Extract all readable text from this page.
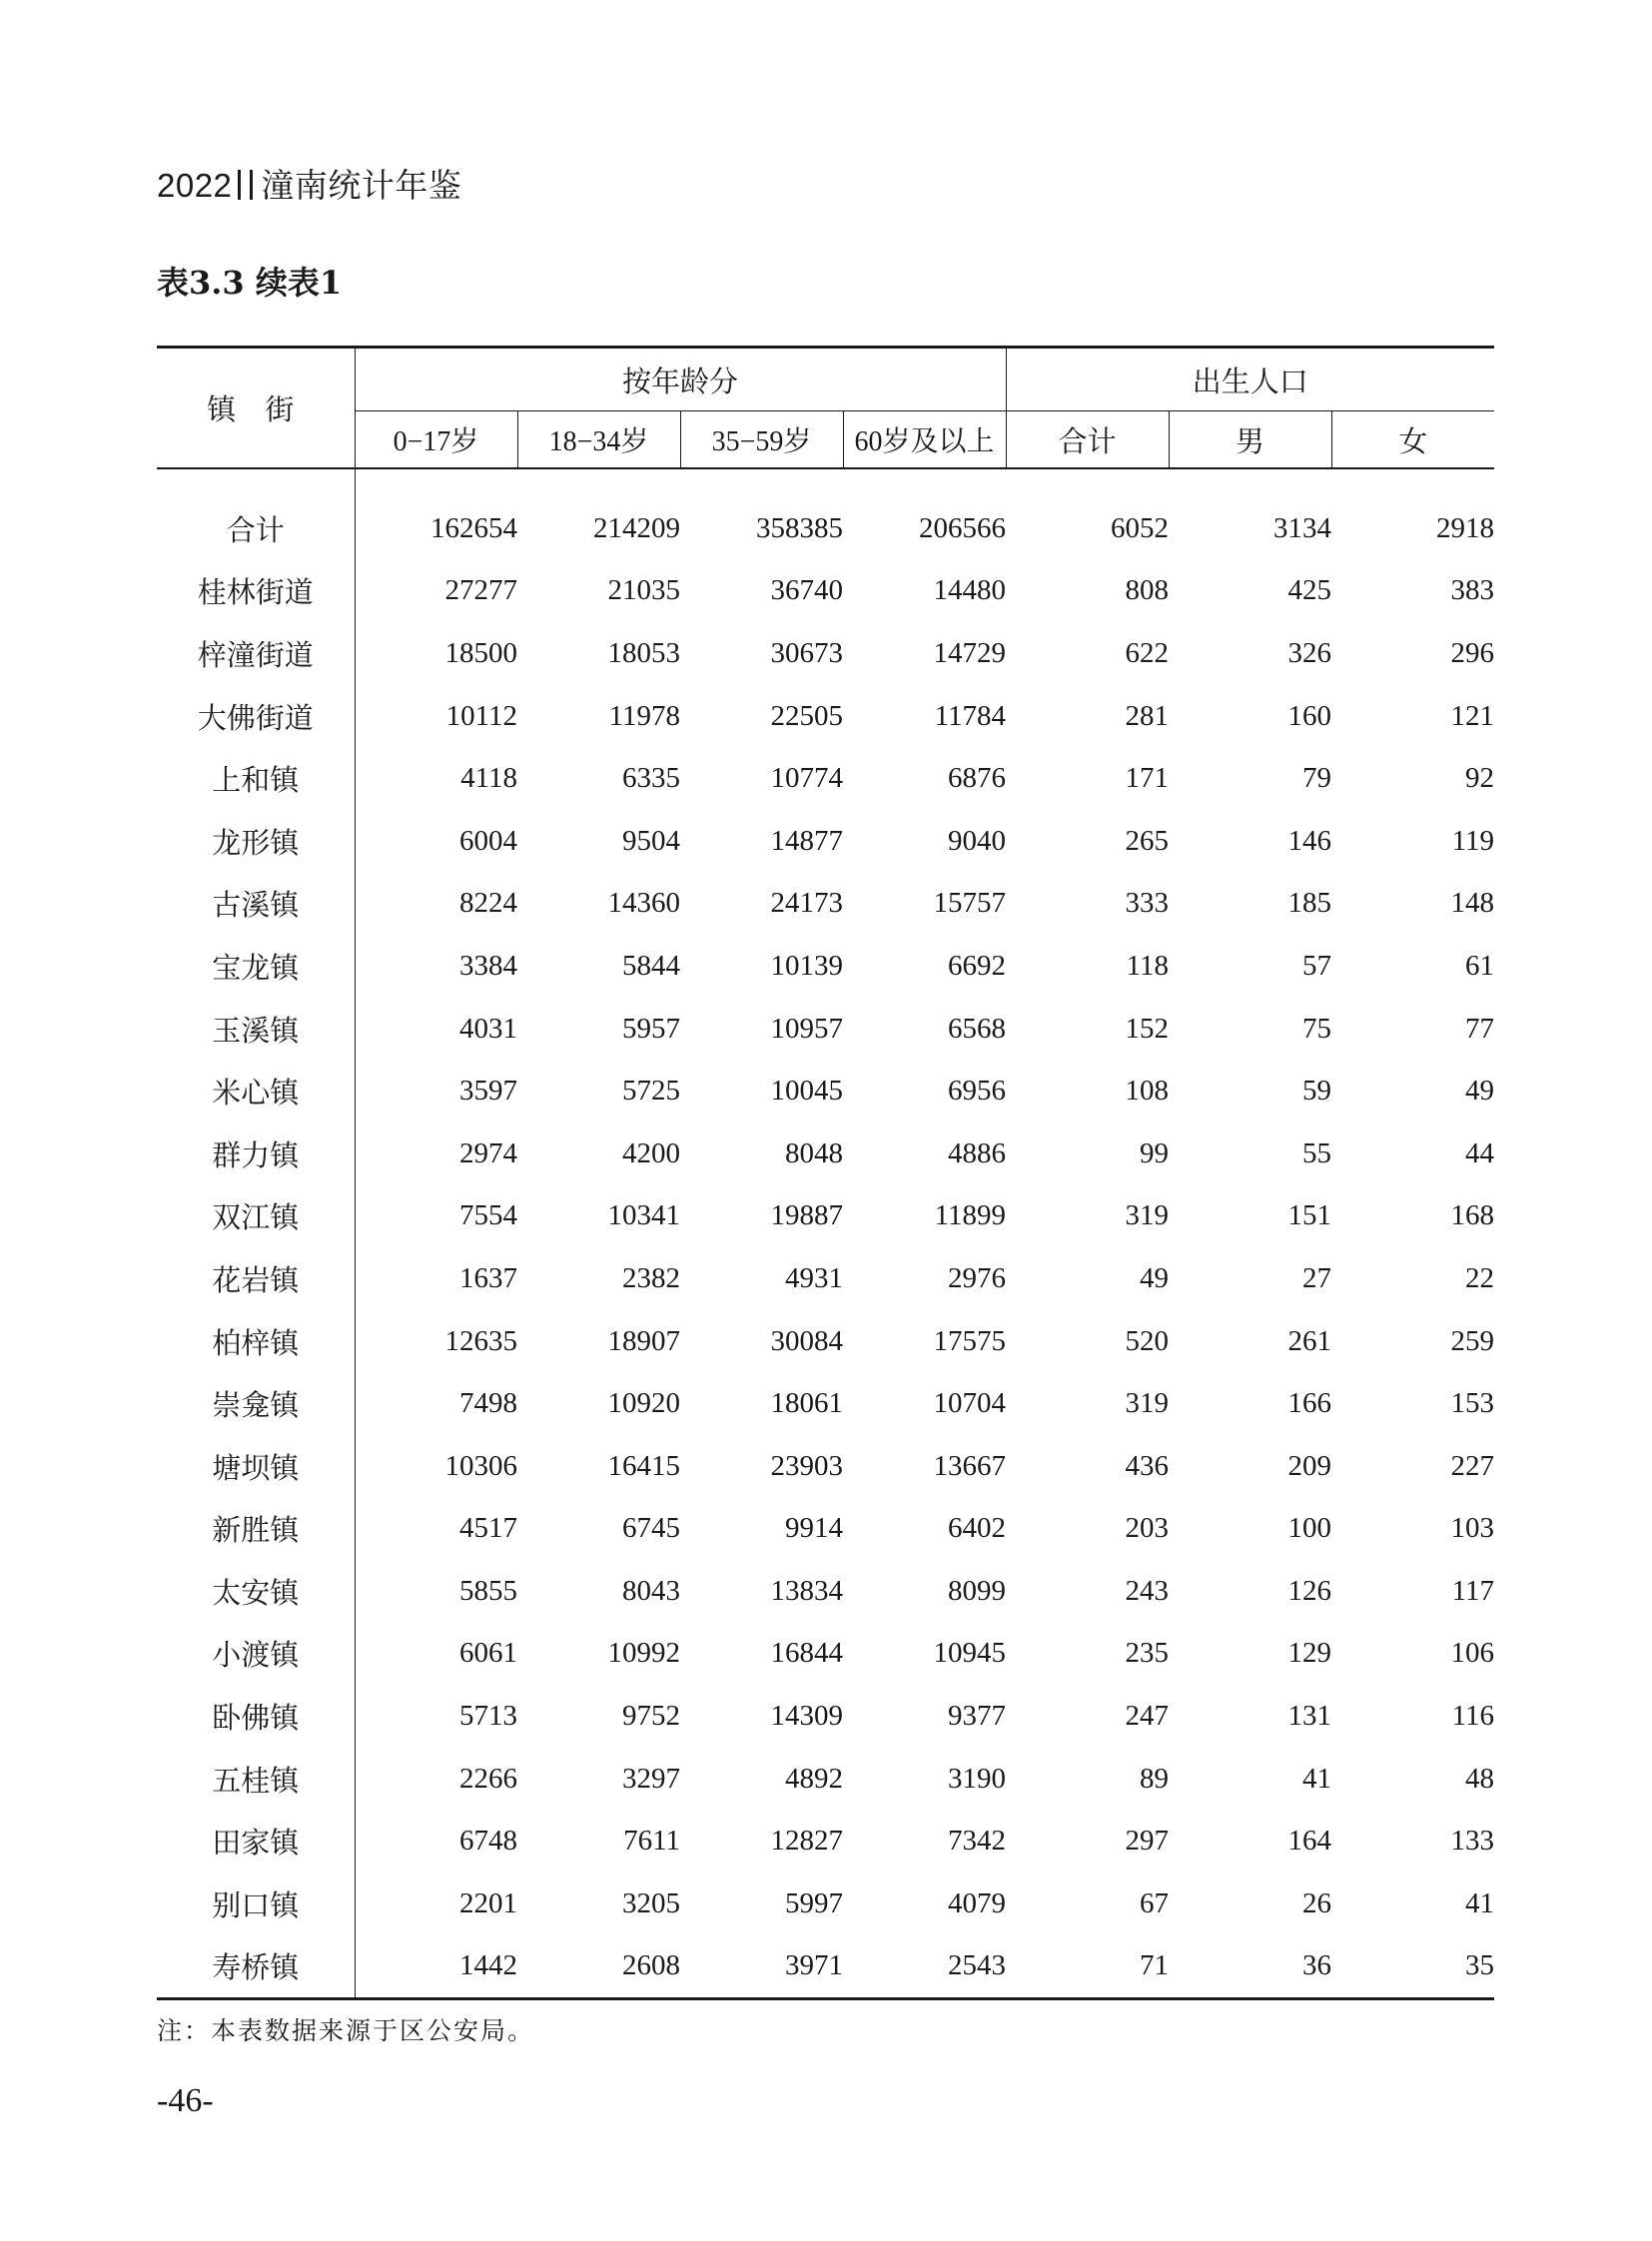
2022 潼南统计年鉴
表3.3 续表1
镇 街	按年龄分				出生人口		
	0−17岁	18−34岁	35−59岁	60岁及以上	合计	男	女
合计	162654	214209	358385	206566	6052	3134	2918
桂林街道	27277	21035	36740	14480	808	425	383
梓潼街道	18500	18053	30673	14729	622	326	296
大佛街道	10112	11978	22505	11784	281	160	121
上和镇	4118	6335	10774	6876	171	79	92
龙形镇	6004	9504	14877	9040	265	146	119
古溪镇	8224	14360	24173	15757	333	185	148
宝龙镇	3384	5844	10139	6692	118	57	61
玉溪镇	4031	5957	10957	6568	152	75	77
米心镇	3597	5725	10045	6956	108	59	49
群力镇	2974	4200	8048	4886	99	55	44
双江镇	7554	10341	19887	11899	319	151	168
花岩镇	1637	2382	4931	2976	49	27	22
柏梓镇	12635	18907	30084	17575	520	261	259
崇龛镇	7498	10920	18061	10704	319	166	153
塘坝镇	10306	16415	23903	13667	436	209	227
新胜镇	4517	6745	9914	6402	203	100	103
太安镇	5855	8043	13834	8099	243	126	117
小渡镇	6061	10992	16844	10945	235	129	106
卧佛镇	5713	9752	14309	9377	247	131	116
五桂镇	2266	3297	4892	3190	89	41	48
田家镇	6748	7611	12827	7342	297	164	133
别口镇	2201	3205	5997	4079	67	26	41
寿桥镇	1442	2608	3971	2543	71	36	35
注：本表数据来源于区公安局。
-46-
